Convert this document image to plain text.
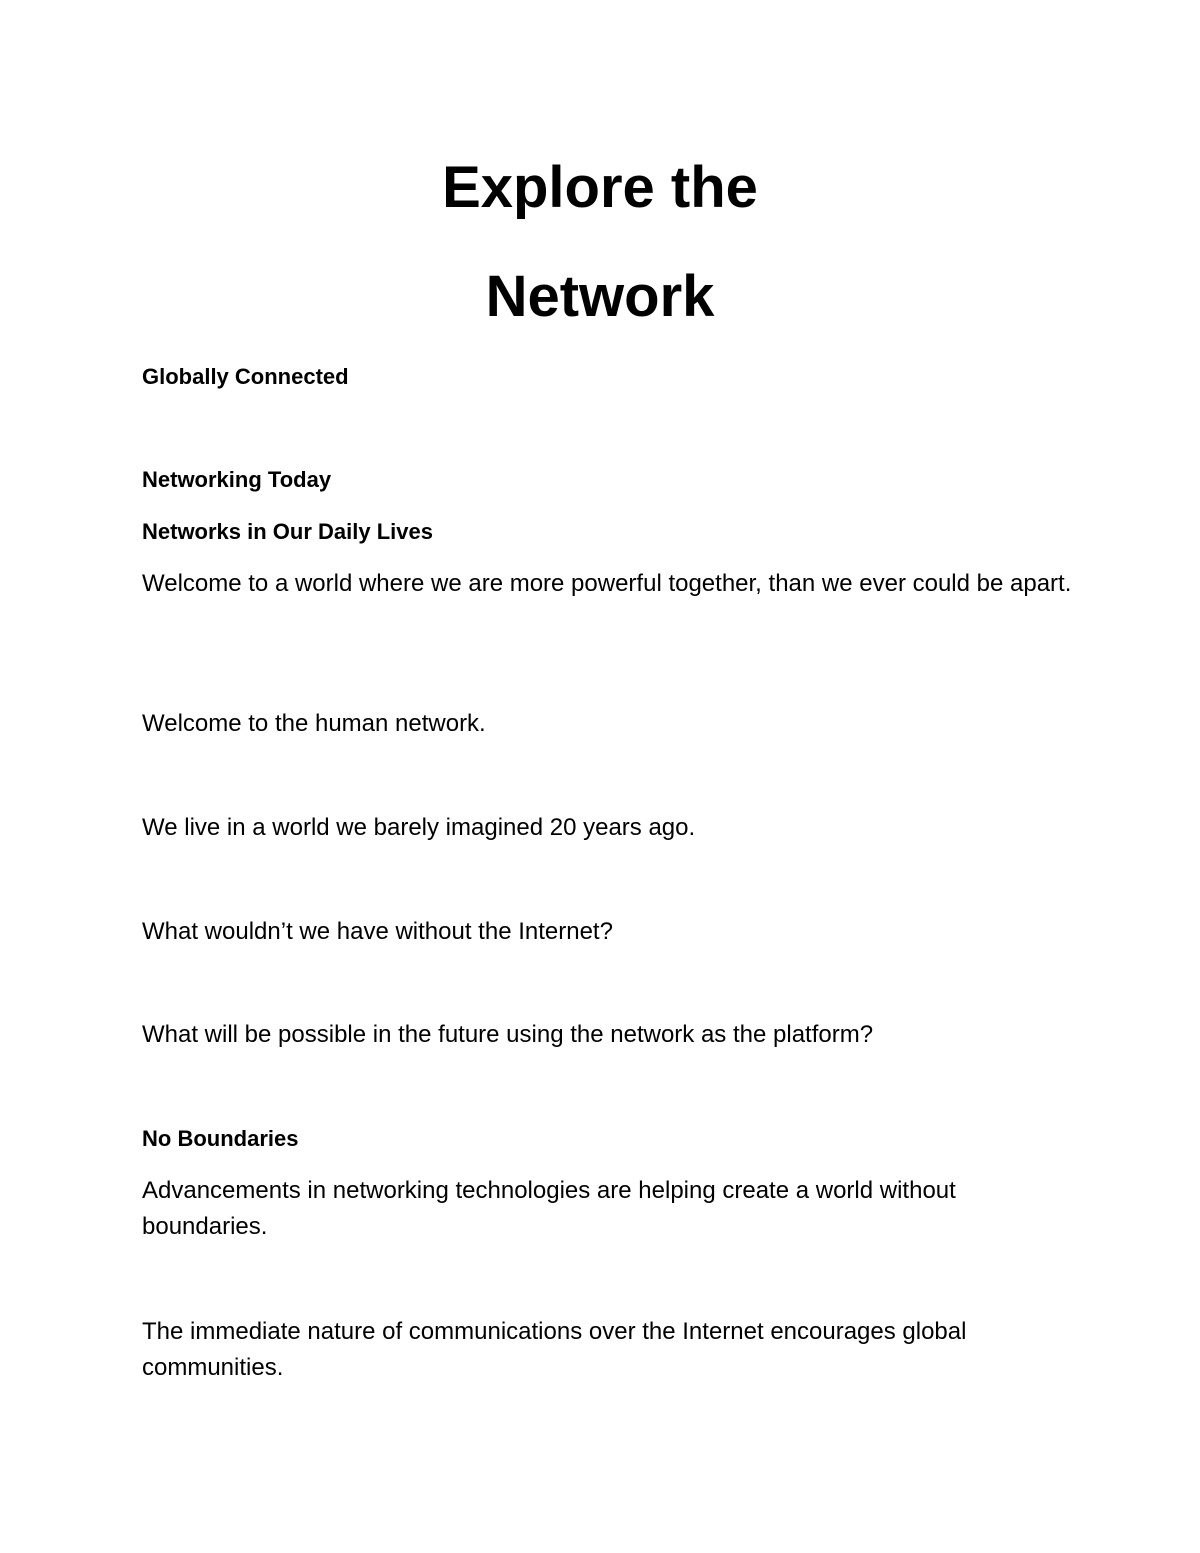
Explore the
Network
Globally Connected
Networking Today
Networks in Our Daily Lives

Welcome to a world where we are more powerful together, than we ever could be apart.

Welcome to the human network.

We live in a world we barely imagined 20 years ago.

What wouldn’t we have without the Internet?

What will be possible in the future using the network as the platform?

No Boundaries

Advancements in networking technologies are helping create a world without boundaries.

The immediate nature of communications over the Internet encourages global communities.
